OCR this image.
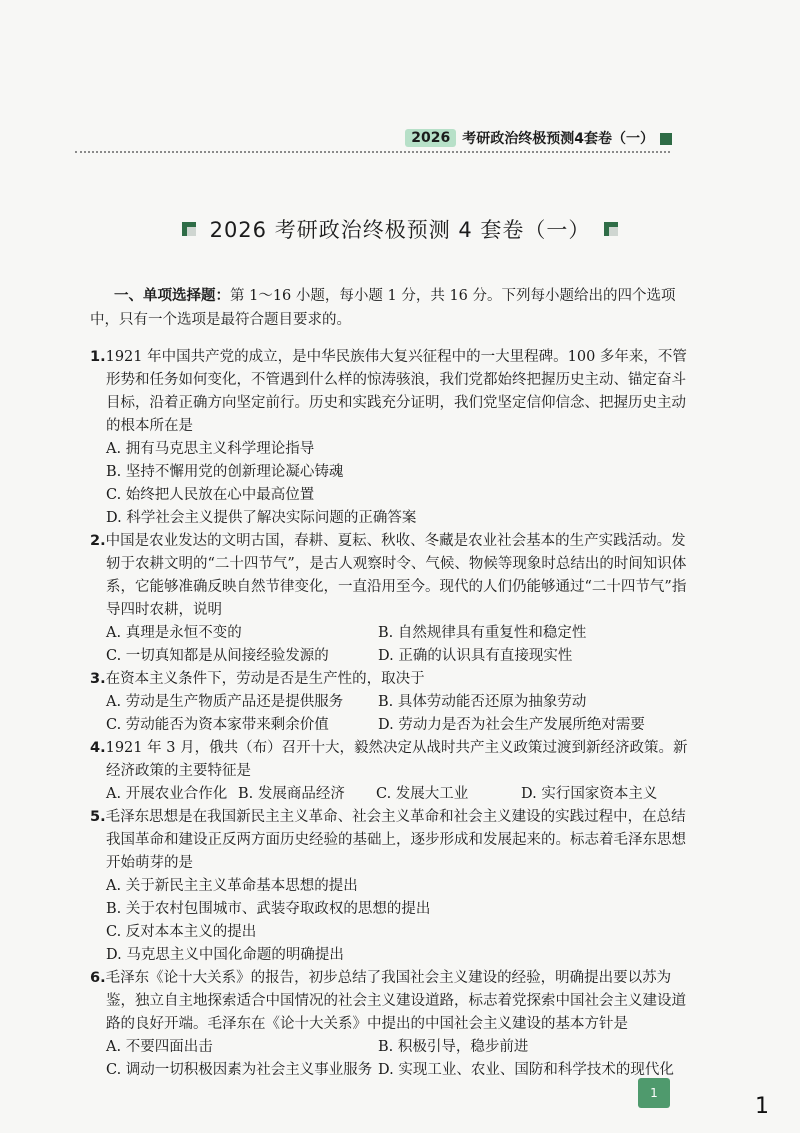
2026 考研政治终极预测4套卷（一）
2026 考研政治终极预测 4 套卷（一）
一、单项选择题：第 1～16 小题，每小题 1 分，共 16 分。下列每小题给出的四个选项中，只有一个选项是最符合题目要求的。
1.1921 年中国共产党的成立，是中华民族伟大复兴征程中的一大里程碑。100 多年来，不管形势和任务如何变化，不管遇到什么样的惊涛骇浪，我们党都始终把握历史主动、锚定奋斗目标，沿着正确方向坚定前行。历史和实践充分证明，我们党坚定信仰信念、把握历史主动的根本所在是
A. 拥有马克思主义科学理论指导
B. 坚持不懈用党的创新理论凝心铸魂
C. 始终把人民放在心中最高位置
D. 科学社会主义提供了解决实际问题的正确答案
2.中国是农业发达的文明古国，春耕、夏耘、秋收、冬藏是农业社会基本的生产实践活动。发轫于农耕文明的“二十四节气”，是古人观察时令、气候、物候等现象时总结出的时间知识体系，它能够准确反映自然节律变化，一直沿用至今。现代的人们仍能够通过“二十四节气”指导四时农耕，说明
A. 真理是永恒不变的	B. 自然规律具有重复性和稳定性
C. 一切真知都是从间接经验发源的	D. 正确的认识具有直接现实性
3.在资本主义条件下，劳动是否是生产性的，取决于
A. 劳动是生产物质产品还是提供服务	B. 具体劳动能否还原为抽象劳动
C. 劳动能否为资本家带来剩余价值	D. 劳动力是否为社会生产发展所绝对需要
4.1921 年 3 月，俄共（布）召开十大，毅然决定从战时共产主义政策过渡到新经济政策。新经济政策的主要特征是
A. 开展农业合作化 B. 发展商品经济	C. 发展大工业	D. 实行国家资本主义
5.毛泽东思想是在我国新民主主义革命、社会主义革命和社会主义建设的实践过程中，在总结我国革命和建设正反两方面历史经验的基础上，逐步形成和发展起来的。标志着毛泽东思想开始萌芽的是
A. 关于新民主主义革命基本思想的提出
B. 关于农村包围城市、武装夺取政权的思想的提出
C. 反对本本主义的提出
D. 马克思主义中国化命题的明确提出
6.毛泽东《论十大关系》的报告，初步总结了我国社会主义建设的经验，明确提出要以苏为鉴，独立自主地探索适合中国情况的社会主义建设道路，标志着党探索中国社会主义建设道路的良好开端。毛泽东在《论十大关系》中提出的中国社会主义建设的基本方针是
A. 不要四面出击	B. 积极引导，稳步前进
C. 调动一切积极因素为社会主义事业服务 D. 实现工业、农业、国防和科学技术的现代化
1
1
